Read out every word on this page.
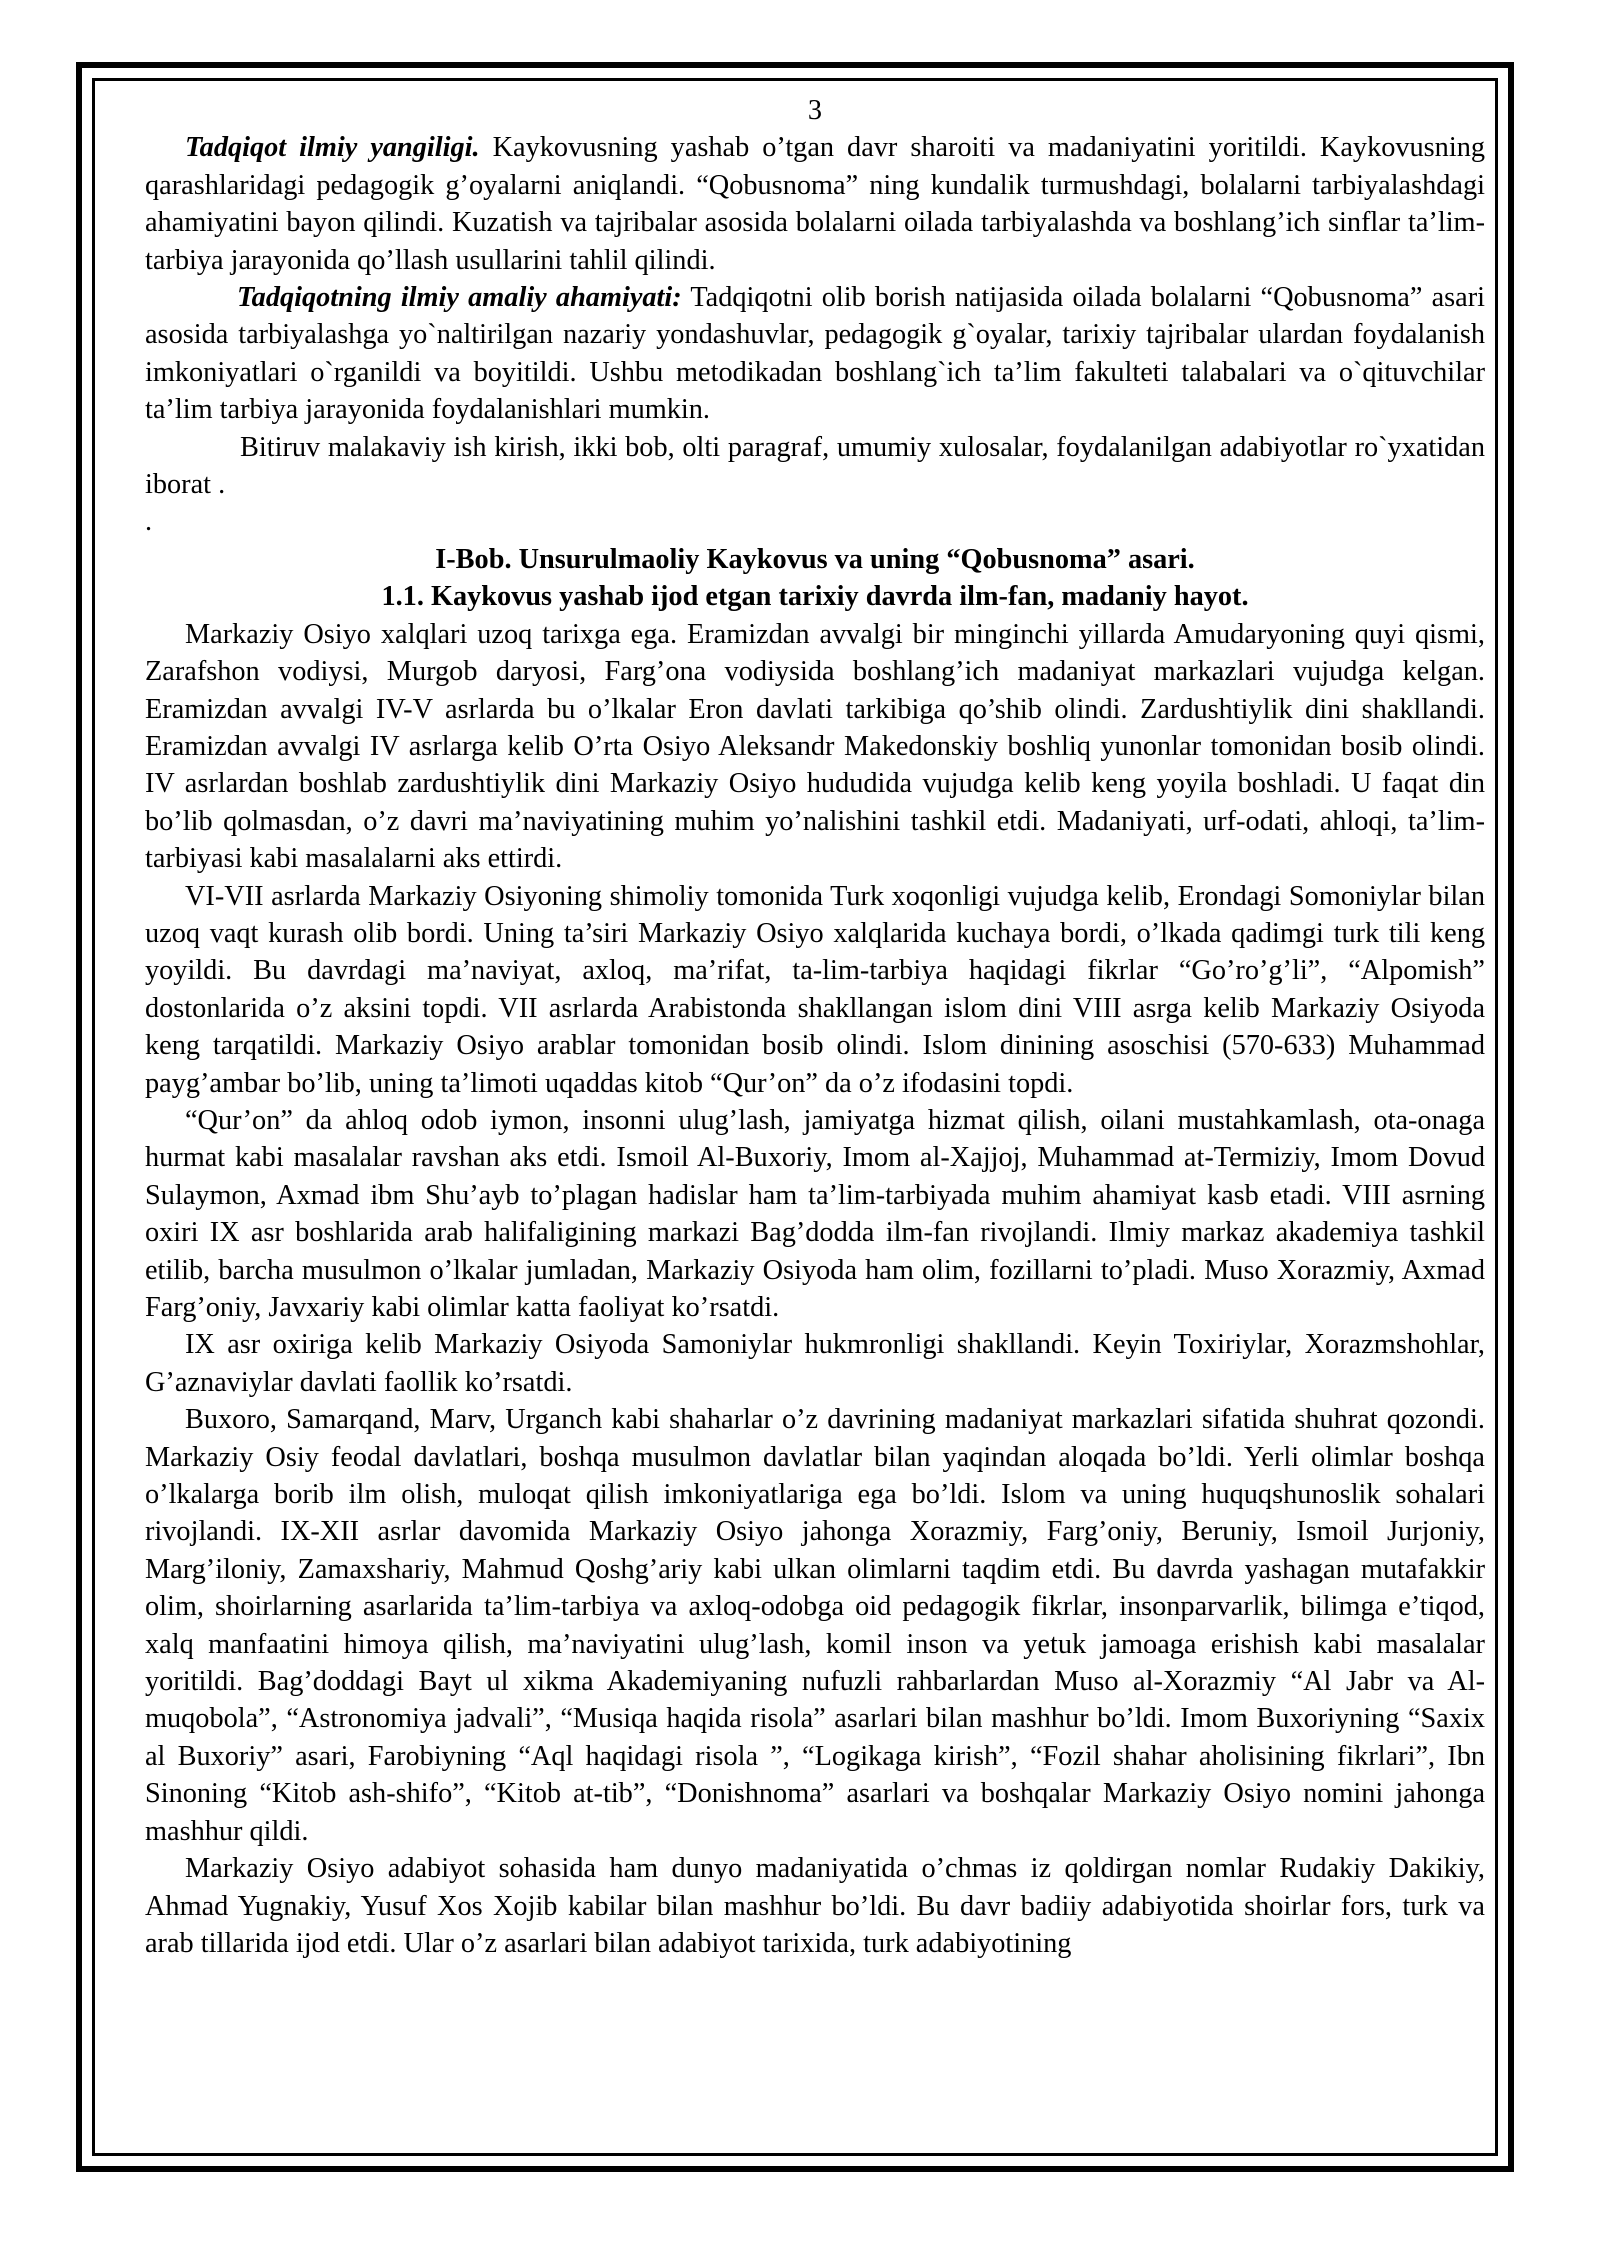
3

Tadqiqot ilmiy yangiligi. Kaykovusning yashab o’tgan davr sharoiti va madaniyatini yoritildi. Kaykovusning qarashlaridagi pedagogik g’oyalarni aniqlandi. “Qobusnoma” ning kundalik turmushdagi, bolalarni tarbiyalashdagi ahamiyatini bayon qilindi. Kuzatish va tajribalar asosida bolalarni oilada tarbiyalashda va boshlang’ich sinflar ta’lim-tarbiya jarayonida qo’llash usullarini tahlil qilindi.

Tadqiqotning ilmiy amaliy ahamiyati: Tadqiqotni olib borish natijasida oilada bolalarni “Qobusnoma” asari asosida tarbiyalashga yo`naltirilgan nazariy yondashuvlar, pedagogik g`oyalar, tarixiy tajribalar ulardan foydalanish imkoniyatlari o`rganildi va boyitildi. Ushbu metodikadan boshlang`ich ta’lim fakulteti talabalari va o`qituvchilar ta’lim tarbiya jarayonida foydalanishlari mumkin.

Bitiruv malakaviy ish kirish, ikki bob, olti paragraf, umumiy xulosalar, foydalanilgan adabiyotlar ro`yxatidan iborat .

.

I-Bob. Unsurulmaoliy Kaykovus va uning “Qobusnoma” asari.

1.1. Kaykovus yashab ijod etgan tarixiy davrda ilm-fan, madaniy hayot.

Markaziy Osiyo xalqlari uzoq tarixga ega. Eramizdan avvalgi bir minginchi yillarda Amudaryoning quyi qismi, Zarafshon vodiysi, Murgob daryosi, Farg’ona vodiysida boshlang’ich madaniyat markazlari vujudga kelgan. Eramizdan avvalgi IV-V asrlarda bu o’lkalar Eron davlati tarkibiga qo’shib olindi. Zardushtiylik dini shakllandi. Eramizdan avvalgi IV asrlarga kelib O’rta Osiyo Aleksandr Makedonskiy boshliq yunonlar tomonidan bosib olindi. IV asrlardan boshlab zardushtiylik dini Markaziy Osiyo hududida vujudga kelib keng yoyila boshladi. U faqat din bo’lib qolmasdan, o’z davri ma’naviyatining muhim yo’nalishini tashkil etdi. Madaniyati, urf-odati, ahloqi, ta’lim-tarbiyasi kabi masalalarni aks ettirdi.

VI-VII asrlarda Markaziy Osiyoning shimoliy tomonida Turk xoqonligi vujudga kelib, Erondagi Somoniylar bilan uzoq vaqt kurash olib bordi. Uning ta’siri Markaziy Osiyo xalqlarida kuchaya bordi, o’lkada qadimgi turk tili keng yoyildi. Bu davrdagi ma’naviyat, axloq, ma’rifat, ta-lim-tarbiya haqidagi fikrlar “Go’ro’g’li”, “Alpomish” dostonlarida o’z aksini topdi. VII asrlarda Arabistonda shakllangan islom dini VIII asrga kelib Markaziy Osiyoda keng tarqatildi. Markaziy Osiyo arablar tomonidan bosib olindi. Islom dinining asoschisi (570-633) Muhammad payg’ambar bo’lib, uning ta’limoti uqaddas kitob “Qur’on” da o’z ifodasini topdi.

“Qur’on” da ahloq odob iymon, insonni ulug’lash, jamiyatga hizmat qilish, oilani mustahkamlash, ota-onaga hurmat kabi masalalar ravshan aks etdi. Ismoil Al-Buxoriy, Imom al-Xajjoj, Muhammad at-Termiziy, Imom Dovud Sulaymon, Axmad ibm Shu’ayb to’plagan hadislar ham ta’lim-tarbiyada muhim ahamiyat kasb etadi. VIII asrning oxiri IX asr boshlarida arab halifaligining markazi Bag’dodda ilm-fan rivojlandi. Ilmiy markaz akademiya tashkil etilib, barcha musulmon o’lkalar jumladan, Markaziy Osiyoda ham olim, fozillarni to’pladi. Muso Xorazmiy, Axmad Farg’oniy, Javxariy kabi olimlar katta faoliyat ko’rsatdi.

IX asr oxiriga kelib Markaziy Osiyoda Samoniylar hukmronligi shakllandi. Keyin Toxiriylar, Xorazmshohlar, G’aznaviylar davlati faollik ko’rsatdi.

Buxoro, Samarqand, Marv, Urganch kabi shaharlar o’z davrining madaniyat markazlari sifatida shuhrat qozondi. Markaziy Osiy feodal davlatlari, boshqa musulmon davlatlar bilan yaqindan aloqada bo’ldi. Yerli olimlar boshqa o’lkalarga borib ilm olish, muloqat qilish imkoniyatlariga ega bo’ldi. Islom va uning huquqshunoslik sohalari rivojlandi. IX-XII asrlar davomida Markaziy Osiyo jahonga Xorazmiy, Farg’oniy, Beruniy, Ismoil Jurjoniy, Marg’iloniy, Zamaxshariy, Mahmud Qoshg’ariy kabi ulkan olimlarni taqdim etdi. Bu davrda yashagan mutafakkir olim, shoirlarning asarlarida ta’lim-tarbiya va axloq-odobga oid pedagogik fikrlar, insonparvarlik, bilimga e’tiqod, xalq manfaatini himoya qilish, ma’naviyatini ulug’lash, komil inson va yetuk jamoaga erishish kabi masalalar yoritildi. Bag’doddagi Bayt ul xikma Akademiyaning nufuzli rahbarlardan Muso al-Xorazmiy “Al Jabr va Al-muqobola”, “Astronomiya jadvali”, “Musiqa haqida risola” asarlari bilan mashhur bo’ldi. Imom Buxoriyning “Saxix al Buxoriy” asari, Farobiyning “Aql haqidagi risola ”, “Logikaga kirish”, “Fozil shahar aholisining fikrlari”, Ibn Sinoning “Kitob ash-shifo”, “Kitob at-tib”, “Donishnoma” asarlari va boshqalar Markaziy Osiyo nomini jahonga mashhur qildi.

Markaziy Osiyo adabiyot sohasida ham dunyo madaniyatida o’chmas iz qoldirgan nomlar Rudakiy Dakikiy, Ahmad Yugnakiy, Yusuf Xos Xojib kabilar bilan mashhur bo’ldi. Bu davr badiiy adabiyotida shoirlar fors, turk va arab tillarida ijod etdi. Ular o’z asarlari bilan adabiyot tarixida, turk adabiyotining
